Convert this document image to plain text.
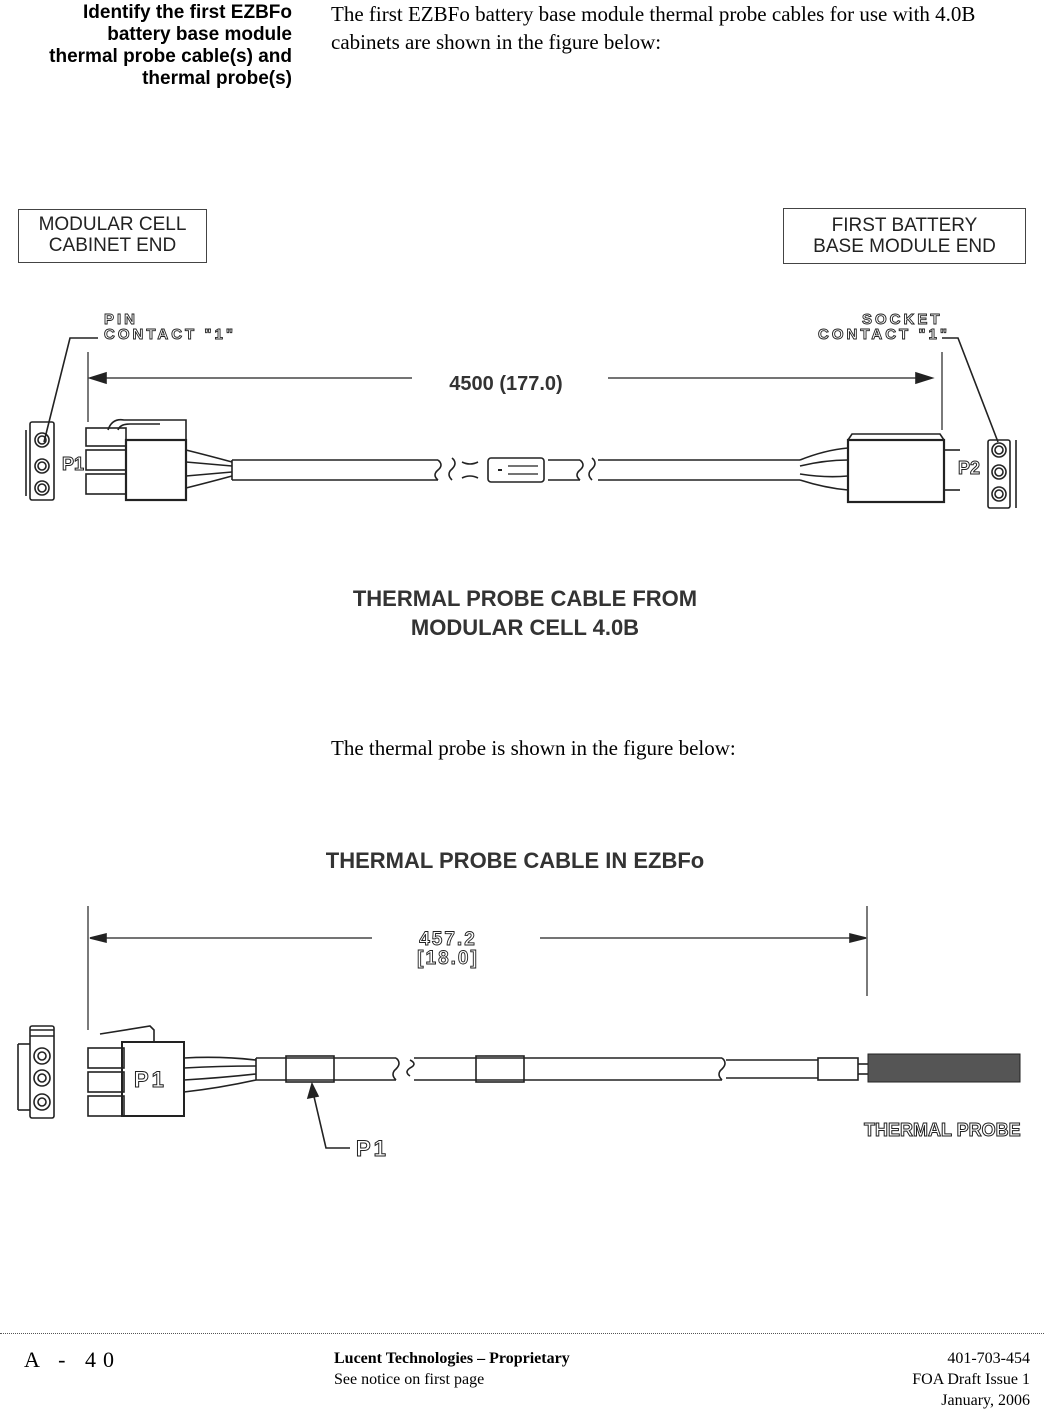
Identify the first EZBFo
battery base module
thermal probe cable(s) and
thermal probe(s)
The first EZBFo battery base module thermal probe cables for use with 4.0B cabinets are shown in the figure below:
MODULAR CELL
CABINET END
FIRST BATTERY
BASE MODULE END
PIN
CONTACT "1"
SOCKET
CONTACT "1"
4500 (177.0)
P1	P2
THERMAL PROBE CABLE FROM
MODULAR CELL 4.0B
The thermal probe is shown in the figure below:
THERMAL PROBE CABLE IN EZBFo
457.2
[18.0]
P1
P1
THERMAL PROBE
A - 40	Lucent Technologies – Proprietary
See notice on first page
401-703-454
FOA Draft Issue 1
January, 2006
